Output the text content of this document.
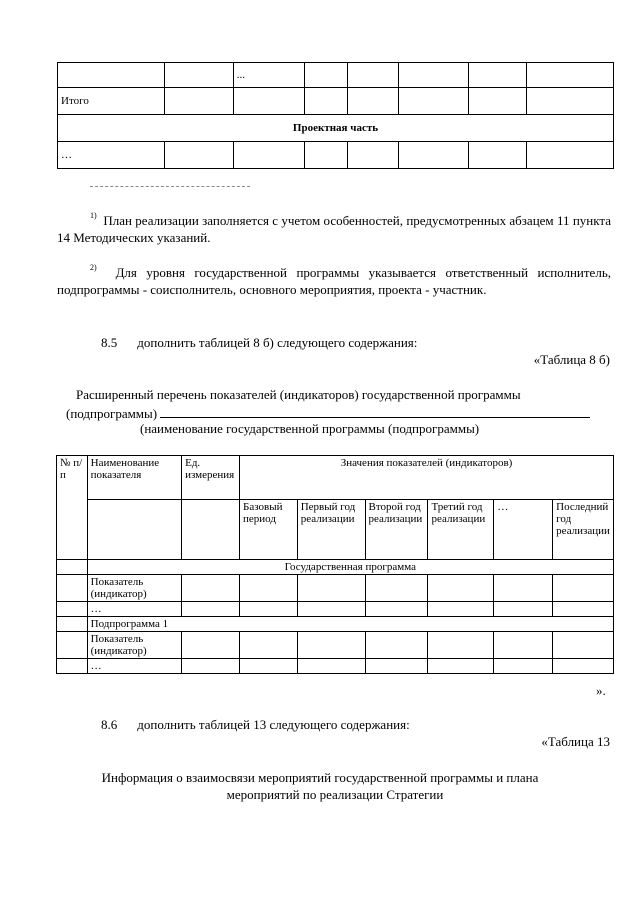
		...					
Итого							
Проектная часть							
…							
$^{1)}$ План реализации заполняется с учетом особенностей, предусмотренных абзацем 11 пункта 14 Методических указаний.
$^{2)}$ Для уровня государственной программы указывается ответственный исполнитель, подпрограммы - соисполнитель, основного мероприятия, проекта - участник.
8.5 дополнить таблицей 8 б) следующего содержания:
«Таблица 8 б)
Расширенный перечень показателей (индикаторов) государственной программы
(подпрограммы)
(наименование государственной программы (подпрограммы)
№ п/п	Наименование показателя	Ед. измерения	Значения показателей (индикаторов)					
			Базовый период	Первый год реализации	Второй год реализации	Третий год реализации	…	Последний год реализации
	Государственная программа							
	Показатель (индикатор)							
	…							
	Подпрограмма 1							
	Показатель (индикатор)							
	…							
».
8.6 дополнить таблицей 13 следующего содержания:
«Таблица 13
Информация о взаимосвязи мероприятий государственной программы и плана
мероприятий по реализации Стратегии
